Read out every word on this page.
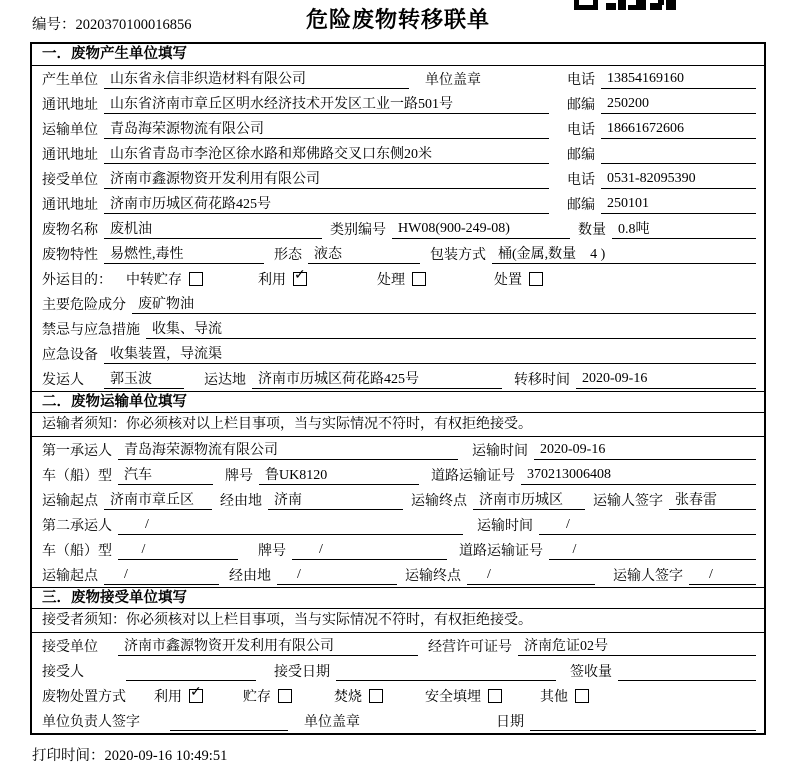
编号：2020370100016856	危险废物转移联单
一．废物产生单位填写
产生单位 山东省永信非织造材料有限公司	单位盖章	电话 13854169160
通讯地址 山东省济南市章丘区明水经济技术开发区工业一路501号	邮编 250200
运输单位 青岛海荣源物流有限公司	电话 18661672606
通讯地址 山东省青岛市李沧区徐水路和郑佛路交叉口东侧20米	邮编
接受单位 济南市鑫源物资开发利用有限公司	电话 0531-82095390
通讯地址 济南市历城区荷花路425号	邮编 250101
废物名称 废机油	类别编号 HW08(900-249-08)	数量 0.8吨
废物特性 易燃性,毒性	形态 液态	包装方式 桶(金属,数量　4 )
外运目的： 中转贮存	利用 ✓	处理	处置
主要危险成分 废矿物油
禁忌与应急措施 收集、导流
应急设备 收集装置，导流渠
发运人	郭玉波	运达地 济南市历城区荷花路425号	转移时间 2020-09-16
二．废物运输单位填写
运输者须知：你必须核对以上栏目事项，当与实际情况不符时，有权拒绝接受。
第一承运人 青岛海荣源物流有限公司	运输时间 2020-09-16
车（船）型 汽车	牌号 鲁UK8120	道路运输证号 370213006408
运输起点 济南市章丘区	经由地 济南	运输终点 济南市历城区	运输人签字 张春雷
第二承运人 /	运输时间 /
车（船）型 /	牌号 /	道路运输证号 /
运输起点 /	经由地 /	运输终点 /	运输人签字 /
三．废物接受单位填写
接受者须知：你必须核对以上栏目事项，当与实际情况不符时，有权拒绝接受。
接受单位	济南市鑫源物资开发利用有限公司	经营许可证号 济南危证02号
接受人	接受日期	签收量
废物处置方式 利用 ✓	贮存	焚烧	安全填埋	其他
单位负责人签字	单位盖章	日期
打印时间：2020-09-16 10:49:51
